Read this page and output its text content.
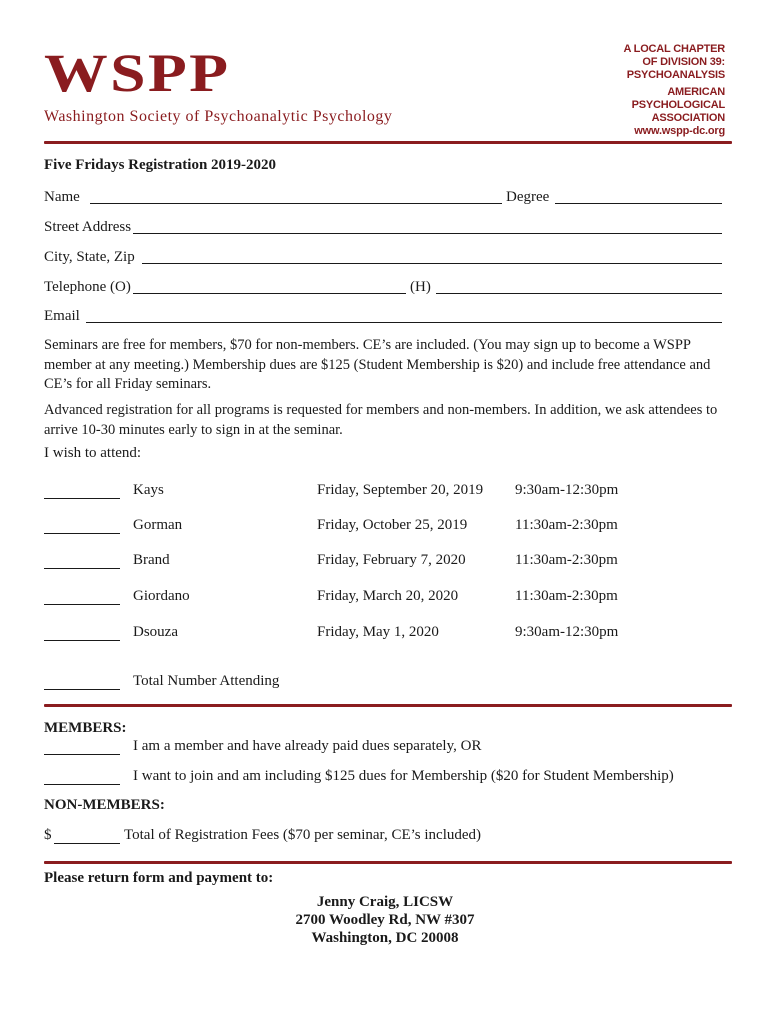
WSPP
Washington Society of Psychoanalytic Psychology
A LOCAL CHAPTER
OF DIVISION 39:
PSYCHOANALYSIS
AMERICAN
PSYCHOLOGICAL
ASSOCIATION
www.wspp-dc.org
Five Fridays Registration 2019-2020
Name	Degree
Street Address
City, State, Zip
Telephone (O)	(H)
Email
Seminars are free for members, $70 for non-members. CE’s are included. (You may sign up to become a WSPP member at any meeting.) Membership dues are $125 (Student Membership is $20) and include free attendance and CE’s for all Friday seminars.
Advanced registration for all programs is requested for members and non-members. In addition, we ask attendees to arrive 10-30 minutes early to sign in at the seminar.
I wish to attend:
Kays	Friday, September 20, 2019 9:30am-12:30pm
Gorman	Friday, October 25, 2019	11:30am-2:30pm
Brand	Friday, February 7, 2020	11:30am-2:30pm
Giordano	Friday, March 20, 2020	11:30am-2:30pm
Dsouza	Friday, May 1, 2020	9:30am-12:30pm
Total Number Attending
MEMBERS:
I am a member and have already paid dues separately, OR
I want to join and am including $125 dues for Membership ($20 for Student Membership)
NON-MEMBERS:
$	Total of Registration Fees ($70 per seminar, CE’s included)
Please return form and payment to:
Jenny Craig, LICSW
2700 Woodley Rd, NW #307
Washington, DC 20008
